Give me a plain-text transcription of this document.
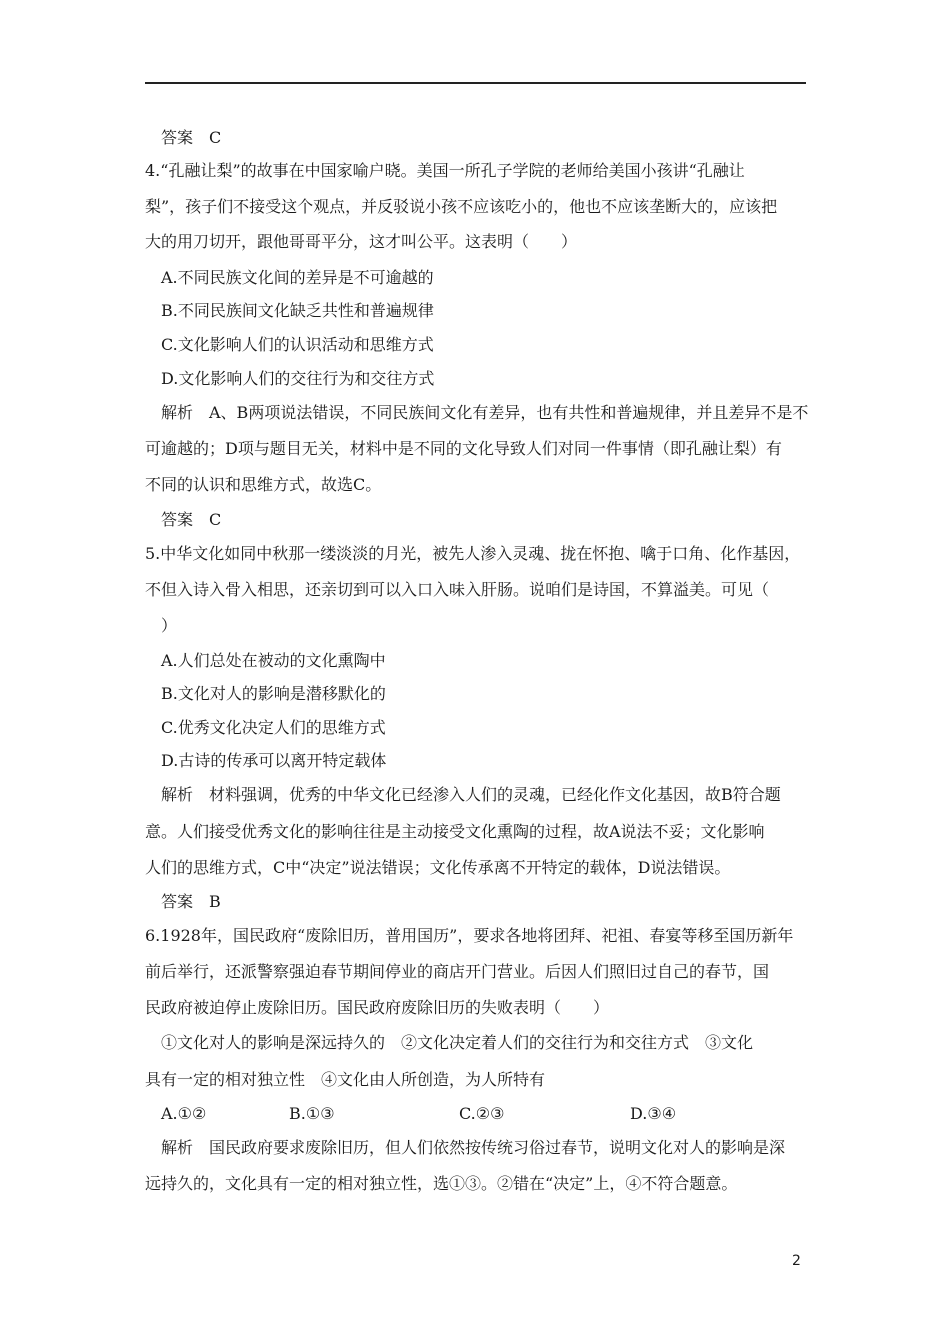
答案　C
4.“孔融让梨”的故事在中国家喻户晓。美国一所孔子学院的老师给美国小孩讲“孔融让
梨”，孩子们不接受这个观点，并反驳说小孩不应该吃小的，他也不应该垄断大的，应该把
大的用刀切开，跟他哥哥平分，这才叫公平。这表明（　　）
A.不同民族文化间的差异是不可逾越的
B.不同民族间文化缺乏共性和普遍规律
C.文化影响人们的认识活动和思维方式
D.文化影响人们的交往行为和交往方式
解析　A、B两项说法错误，不同民族间文化有差异，也有共性和普遍规律，并且差异不是不
可逾越的；D项与题目无关，材料中是不同的文化导致人们对同一件事情（即孔融让梨）有
不同的认识和思维方式，故选C。
答案　C
5.中华文化如同中秋那一缕淡淡的月光，被先人渗入灵魂、拢在怀抱、噙于口角、化作基因，
不但入诗入骨入相思，还亲切到可以入口入味入肝肠。说咱们是诗国，不算溢美。可见（
）
A.人们总处在被动的文化熏陶中
B.文化对人的影响是潜移默化的
C.优秀文化决定人们的思维方式
D.古诗的传承可以离开特定载体
解析　材料强调，优秀的中华文化已经渗入人们的灵魂，已经化作文化基因，故B符合题
意。人们接受优秀文化的影响往往是主动接受文化熏陶的过程，故A说法不妥；文化影响
人们的思维方式，C中“决定”说法错误；文化传承离不开特定的载体，D说法错误。
答案　B
6.1928年，国民政府“废除旧历，普用国历”，要求各地将团拜、祀祖、春宴等移至国历新年
前后举行，还派警察强迫春节期间停业的商店开门营业。后因人们照旧过自己的春节，国
民政府被迫停止废除旧历。国民政府废除旧历的失败表明（　　）
①文化对人的影响是深远持久的　②文化决定着人们的交往行为和交往方式　③文化
具有一定的相对独立性　④文化由人所创造，为人所特有
A.①②	B.①③	C.②③	D.③④
解析　国民政府要求废除旧历，但人们依然按传统习俗过春节，说明文化对人的影响是深
远持久的，文化具有一定的相对独立性，选①③。②错在“决定”上，④不符合题意。
2
